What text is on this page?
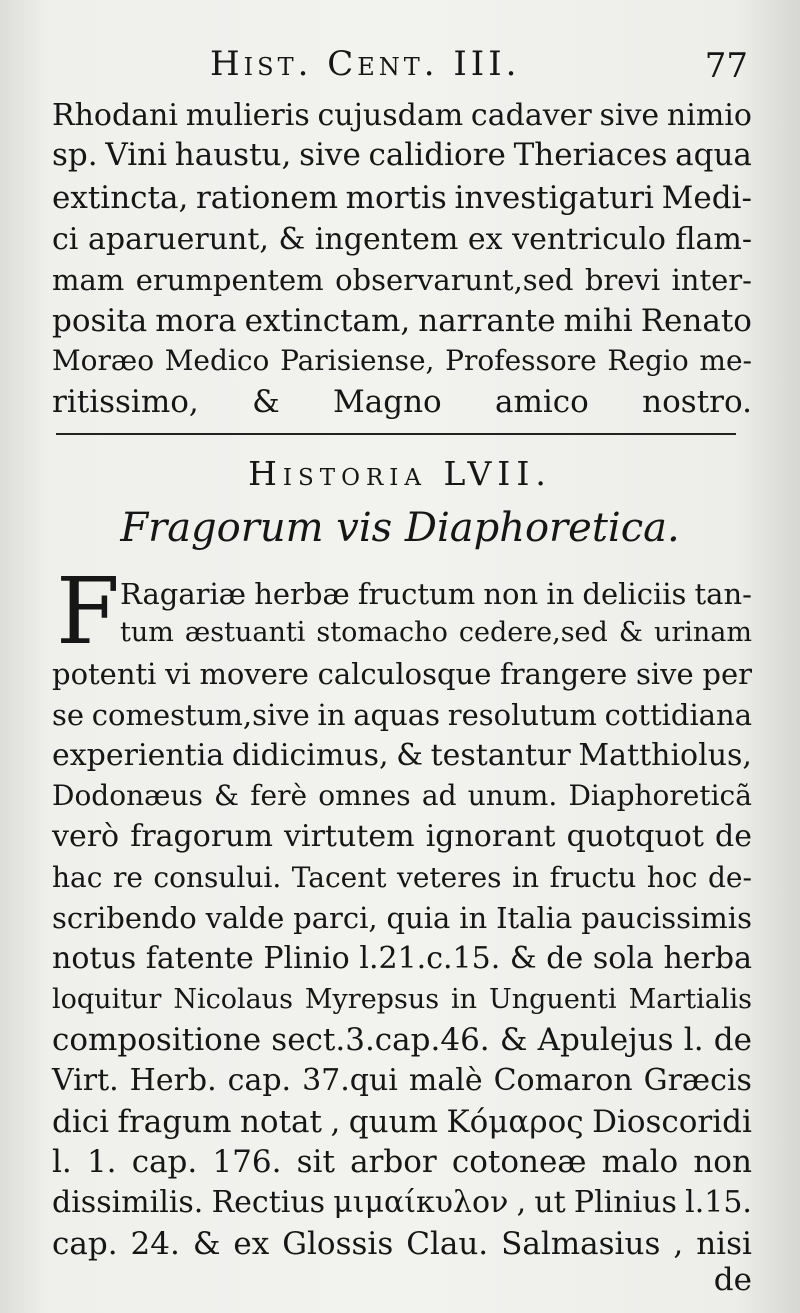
Hist. Cent. III.	77
Rhodani mulieris cujusdam cadaver sive nimio
sp. Vini haustu, sive calidiore Theriaces aqua
extincta, rationem mortis investigaturi Medi-
ci aparuerunt, & ingentem ex ventriculo flam-
mam erumpentem observarunt,sed brevi inter-
posita mora extinctam, narrante mihi Renato
Moræo Medico Parisiense, Professore Regio me-
ritissimo, & Magno amico nostro.
Historia LVII.
Fragorum vis Diaphoretica.
F Ragariæ herbæ fructum non in deliciis tan-
tum æstuanti stomacho cedere,sed & urinam
potenti vi movere calculosque frangere sive per
se comestum,sive in aquas resolutum cottidiana
experientia didicimus, & testantur Matthiolus,
Dodonæus & ferè omnes ad unum. Diaphoreticã
verò fragorum virtutem ignorant quotquot de
hac re consului. Tacent veteres in fructu hoc de-
scribendo valde parci, quia in Italia paucissimis
notus fatente Plinio l.21.c.15. & de sola herba
loquitur Nicolaus Myrepsus in Unguenti Martialis
compositione sect.3.cap.46. & Apulejus l. de
Virt. Herb. cap. 37.qui malè Comaron Græcis
dici fragum notat , quum Κόμαρος Dioscoridi
l. 1. cap. 176. sit arbor cotoneæ malo non
dissimilis. Rectius μιμαίκυλον , ut Plinius l.15.
cap. 24. & ex Glossis Clau. Salmasius , nisi
de
